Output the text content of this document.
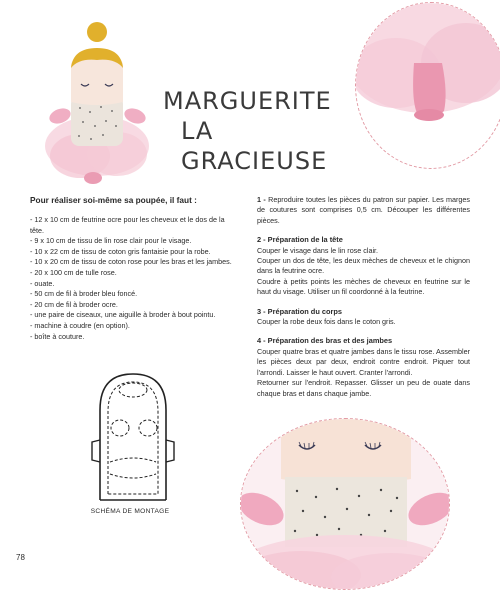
MARGUERITE
LA GRACIEUSE
Pour réaliser soi-même sa poupée, il faut :
- 12 x 10 cm de feutrine ocre pour les cheveux et le dos de la tête.
- 9 x 10 cm de tissu de lin rose clair pour le visage.
- 10 x 22 cm de tissu de coton gris fantaisie pour la robe.
- 10 x 20 cm de tissu de coton rose pour les bras et les jambes.
- 20 x 100 cm de tulle rose.
- ouate.
- 50 cm de fil à broder bleu foncé.
- 20 cm de fil à broder ocre.
- une paire de ciseaux, une aiguille à broder à bout pointu.
- machine à coudre (en option).
- boîte à couture.

1 - Reproduire toutes les pièces du patron sur papier. Les marges de coutures sont comprises 0,5 cm. Découper les différentes pièces.

2 - Préparation de la tête

Couper le visage dans le lin rose clair.

Couper un dos de tête, les deux mèches de cheveux et le chignon dans la feutrine ocre.

Coudre à petits points les mèches de cheveux en feutrine sur le haut du visage. Utiliser un fil coordonné à la feutrine.

3 - Préparation du corps

Couper la robe deux fois dans le coton gris.

4 - Préparation des bras et des jambes

Couper quatre bras et quatre jambes dans le tissu rose. Assembler les pièces deux par deux, endroit contre endroit. Piquer tout l'arrondi. Laisser le haut ouvert. Cranter l'arrondi.

Retourner sur l'endroit. Repasser. Glisser un peu de ouate dans chaque bras et dans chaque jambe.

SCHÉMA DE MONTAGE
78
